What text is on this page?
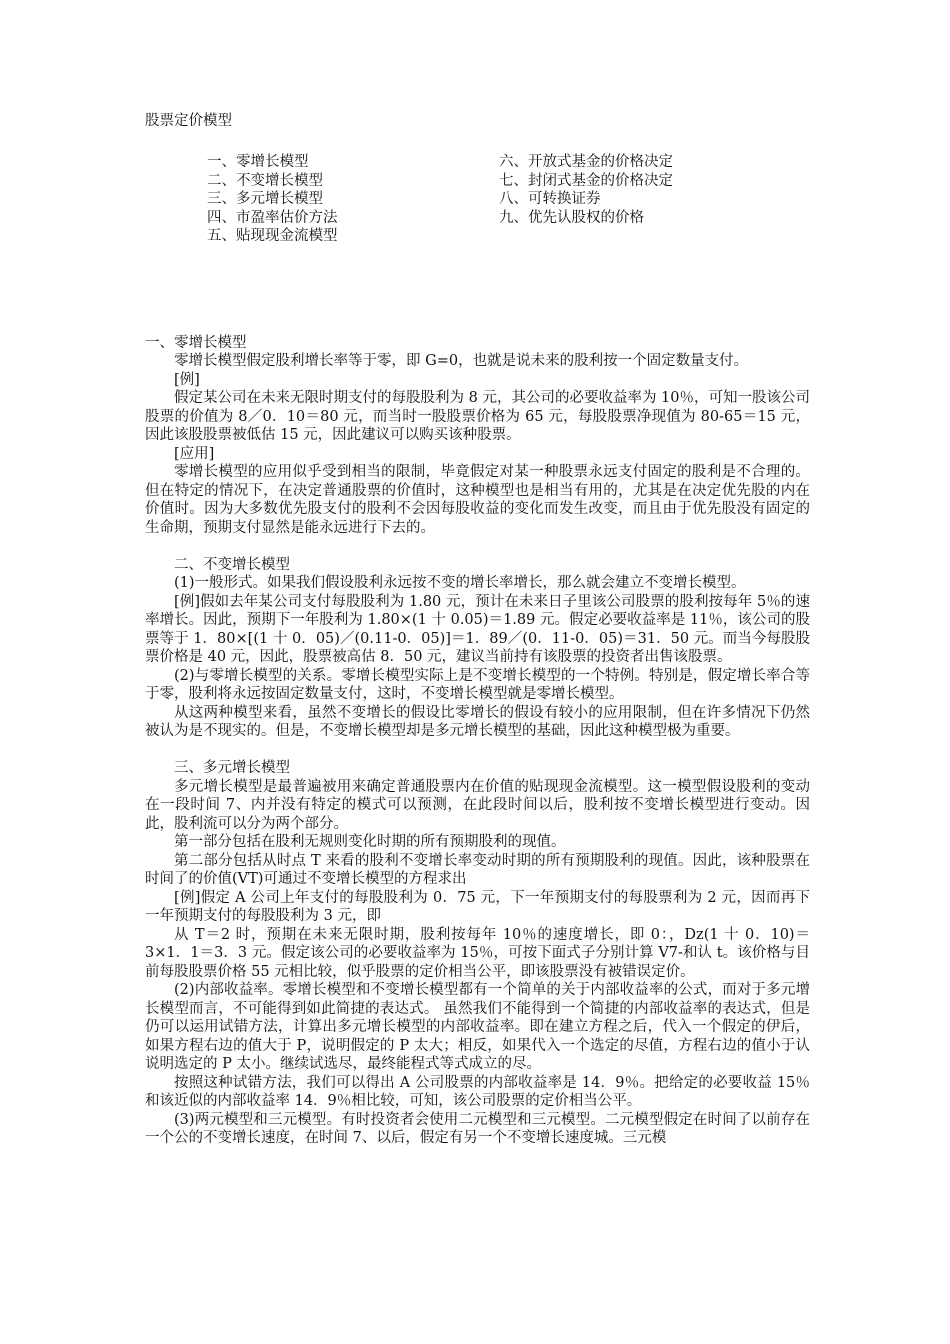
股票定价模型
一、零增长模型
二、不变增长模型
三、多元增长模型
四、市盈率估价方法
五、贴现现金流模型
六、开放式基金的价格决定
七、封闭式基金的价格决定
八、可转换证券
九、优先认股权的价格
一、零增长模型

零增长模型假定股利增长率等于零，即 G=0，也就是说未来的股利按一个固定数量支付。

[例]

假定某公司在未来无限时期支付的每股股利为 8 元，其公司的必要收益率为 10％，可知一股该公司股票的价值为 8／0．10＝80 元，而当时一股股票价格为 65 元，每股股票净现值为 80-65＝15 元，因此该股股票被低估 15 元，因此建议可以购买该种股票。

[应用]

零增长模型的应用似乎受到相当的限制，毕竟假定对某一种股票永远支付固定的股利是不合理的。但在特定的情况下，在决定普通股票的价值时，这种模型也是相当有用的，尤其是在决定优先股的内在价值时。因为大多数优先股支付的股利不会因每股收益的变化而发生改变，而且由于优先股没有固定的生命期，预期支付显然是能永远进行下去的。

二、不变增长模型

(1)一般形式。如果我们假设股利永远按不变的增长率增长，那么就会建立不变增长模型。

[例]假如去年某公司支付每股股利为 1.80 元，预计在未来日子里该公司股票的股利按每年 5％的速率增长。因此，预期下一年股利为 1.80×(1 十 0.05)＝1.89 元。假定必要收益率是 11％，该公司的股票等于 1．80×[(1 十 0．05)／(0.11-0．05)]＝1．89／(0．11-0．05)＝31．50 元。而当今每股股票价格是 40 元，因此，股票被高估 8．50 元，建议当前持有该股票的投资者出售该股票。

(2)与零增长模型的关系。零增长模型实际上是不变增长模型的一个特例。特别是，假定增长率合等于零，股利将永远按固定数量支付，这时，不变增长模型就是零增长模型。

从这两种模型来看，虽然不变增长的假设比零增长的假设有较小的应用限制，但在许多情况下仍然被认为是不现实的。但是，不变增长模型却是多元增长模型的基础，因此这种模型极为重要。

三、多元增长模型

多元增长模型是最普遍被用来确定普通股票内在价值的贴现现金流模型。这一模型假设股利的变动在一段时间 7、内并没有特定的模式可以预测，在此段时间以后，股利按不变增长模型进行变动。因此，股利流可以分为两个部分。

第一部分包括在股利无规则变化时期的所有预期股利的现值。

第二部分包括从时点 T 来看的股利不变增长率变动时期的所有预期股利的现值。因此，该种股票在时间了的价值(VT)可通过不变增长模型的方程求出

[例]假定 A 公司上年支付的每股股利为 0．75 元，下一年预期支付的每股票利为 2 元，因而再下一年预期支付的每股股利为 3 元，即

从 T＝2 时，预期在未来无限时期，股利按每年 10％的速度增长，即 0：，Dz(1 十 0．10)＝3×1．1＝3．3 元。假定该公司的必要收益率为 15％，可按下面式子分别计算 V7-和认 t。该价格与目前每股股票价格 55 元相比较，似乎股票的定价相当公平，即该股票没有被错误定价。

(2)内部收益率。零增长模型和不变增长模型都有一个简单的关于内部收益率的公式，而对于多元增长模型而言，不可能得到如此简捷的表达式。 虽然我们不能得到一个简捷的内部收益率的表达式，但是仍可以运用试错方法，计算出多元增长模型的内部收益率。即在建立方程之后，代入一个假定的伊后，如果方程右边的值大于 P，说明假定的 P 太大；相反，如果代入一个选定的尽值，方程右边的值小于认说明选定的 P 太小。继续试选尽，最终能程式等式成立的尽。

按照这种试错方法，我们可以得出 A 公司股票的内部收益率是 14．9％。把给定的必要收益 15％和该近似的内部收益率 14．9％相比较，可知，该公司股票的定价相当公平。

(3)两元模型和三元模型。有时投资者会使用二元模型和三元模型。二元模型假定在时间了以前存在一个公的不变增长速度，在时间 7、以后，假定有另一个不变增长速度城。三元模
